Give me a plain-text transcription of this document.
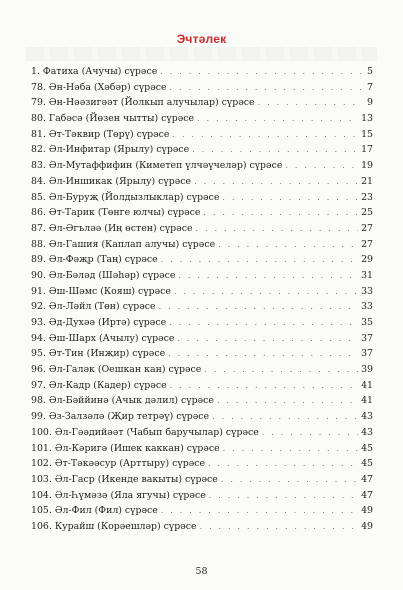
Эчтәлек
1. Фатиха (Ачучы) сүрәсе . . .	5
78. Ән-Нәба (Хәбәр) сүрәсе . . .	7
79. Ән-Нәәзигәәт (Йолкып алучылар) сүрәсе . . .	9
80. Габәсә (Йөзен чытты) сүрәсе . . .	13
81. Әт-Тәквир (Төрү) сүрәсе . . .	15
82. Әл-Инфитар (Ярылу) сүрәсе . . .	17
83. Әл-Мутаффифин (Киметеп үлчәүчеләр) сүрәсе . . .	19
84. Әл-Иншикак (Ярылу) сүрәсе . . .	21
85. Әл-Буруҗ (Йолдызлыклар) сүрәсе . . .	23
86. Әт-Тарик (Төнге юлчы) сүрәсе . . .	25
87. Әл-Әгъләә (Иң өстен) сүрәсе . . .	27
88. Әл-Гашия (Каплап алучы) сүрәсе . . .	27
89. Әл-Фәҗр (Таң) сүрәсе . . .	29
90. Әл-Бәләд (Шәһәр) сүрәсе . . .	31
91. Әш-Шәмс (Кояш) сүрәсе . . .	33
92. Әл-Ләйл (Төн) сүрәсе . . .	33
93. Әд-Духәә (Иртә) сүрәсе . . .	35
94. Әш-Шарх (Ачылу) сүрәсе . . .	37
95. Әт-Тин (Инҗир) сүрәсе . . .	37
96. Әл-Галәк (Оешкан кан) сүрәсе . . .	39
97. Әл-Кадр (Кадер) сүрәсе . . .	41
98. Әл-Бәййинә (Ачык дәлил) сүрәсе . . .	41
99. Әз-Залзәлә (Җир тетрәү) сүрәсе . . .	43
100. Әл-Гәәдийәәт (Чабып баручылар) сүрәсе . . .	43
101. Әл-Кәригә (Ишек каккан) сүрәсе . . .	45
102. Әт-Тәкәәсур (Арттыру) сүрәсе . . .	45
103. Әл-Гаср (Икенде вакыты) сүрәсе . . .	47
104. Әл-Һүмәзә (Яла ягучы) сүрәсе . . .	47
105. Әл-Фил (Фил) сүрәсе . . .	49
106. Курайш (Корәешләр) сүрәсе . . .	49
58
